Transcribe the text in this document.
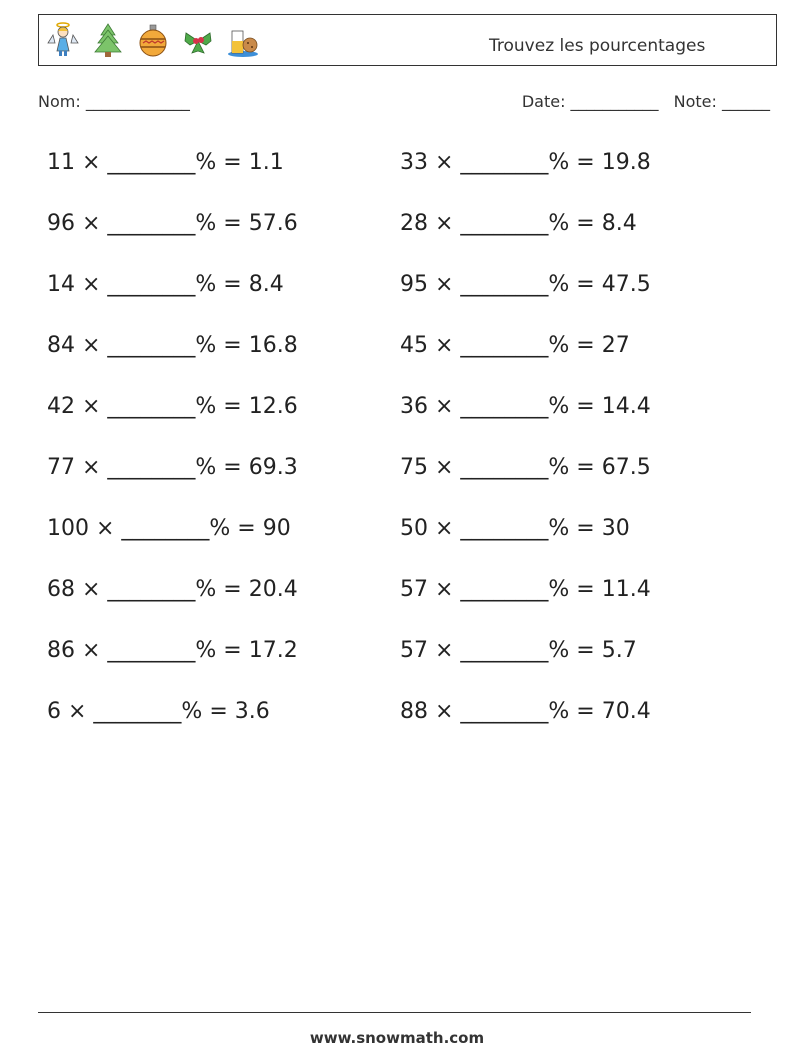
Trouvez les pourcentages
Nom: _____________	Date: ___________ Note: ______
11 × ________% = 1.1
96 × ________% = 57.6
14 × ________% = 8.4
84 × ________% = 16.8
42 × ________% = 12.6
77 × ________% = 69.3
100 × ________% = 90
68 × ________% = 20.4
86 × ________% = 17.2
6 × ________% = 3.6
33 × ________% = 19.8
28 × ________% = 8.4
95 × ________% = 47.5
45 × ________% = 27
36 × ________% = 14.4
75 × ________% = 67.5
50 × ________% = 30
57 × ________% = 11.4
57 × ________% = 5.7
88 × ________% = 70.4
www.snowmath.com
